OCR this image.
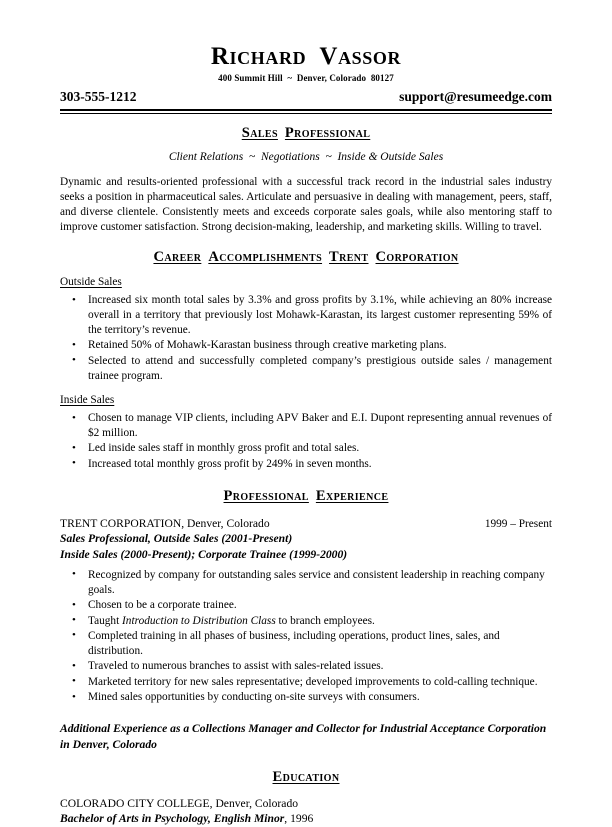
Richard  Vassor
400 Summit Hill  ~  Denver, Colorado  80127
303-555-1212	support@resumeedge.com
Sales Professional
Client Relations  ~  Negotiations  ~  Inside & Outside Sales

Dynamic and results-oriented professional with a successful track record in the industrial sales industry seeks a position in pharmaceutical sales. Articulate and persuasive in dealing with management, peers, staff, and diverse clientele. Consistently meets and exceeds corporate sales goals, while also mentoring staff to improve customer satisfaction. Strong decision-making, leadership, and marketing skills. Willing to travel.

Career Accomplishments Trent Corporation
Outside Sales
• Increased six month total sales by 3.3% and gross profits by 3.1%, while achieving an 80% increase overall in a territory that previously lost Mohawk-Karastan, its largest customer representing 59% of the territory’s revenue.
• Retained 50% of Mohawk-Karastan business through creative marketing plans.
• Selected to attend and successfully completed company’s prestigious outside sales / management trainee program.
Inside Sales
• Chosen to manage VIP clients, including APV Baker and E.I. Dupont representing annual revenues of $2 million.
• Led inside sales staff in monthly gross profit and total sales.
• Increased total monthly gross profit by 249% in seven months.
Professional Experience
TRENT CORPORATION, Denver, Colorado	1999 – Present
Sales Professional, Outside Sales (2001-Present)
Inside Sales (2000-Present); Corporate Trainee (1999-2000)
• Recognized by company for outstanding sales service and consistent leadership in reaching company goals.
• Chosen to be a corporate trainee.
• Taught Introduction to Distribution Class to branch employees.
• Completed training in all phases of business, including operations, product lines, sales, and distribution.
• Traveled to numerous branches to assist with sales-related issues.
• Marketed territory for new sales representative; developed improvements to cold-calling technique.
• Mined sales opportunities by conducting on-site surveys with consumers.
Additional Experience as a Collections Manager and Collector for Industrial Acceptance Corporation in Denver, Colorado
Education
COLORADO CITY COLLEGE, Denver, Colorado
Bachelor of Arts in Psychology, English Minor, 1996
